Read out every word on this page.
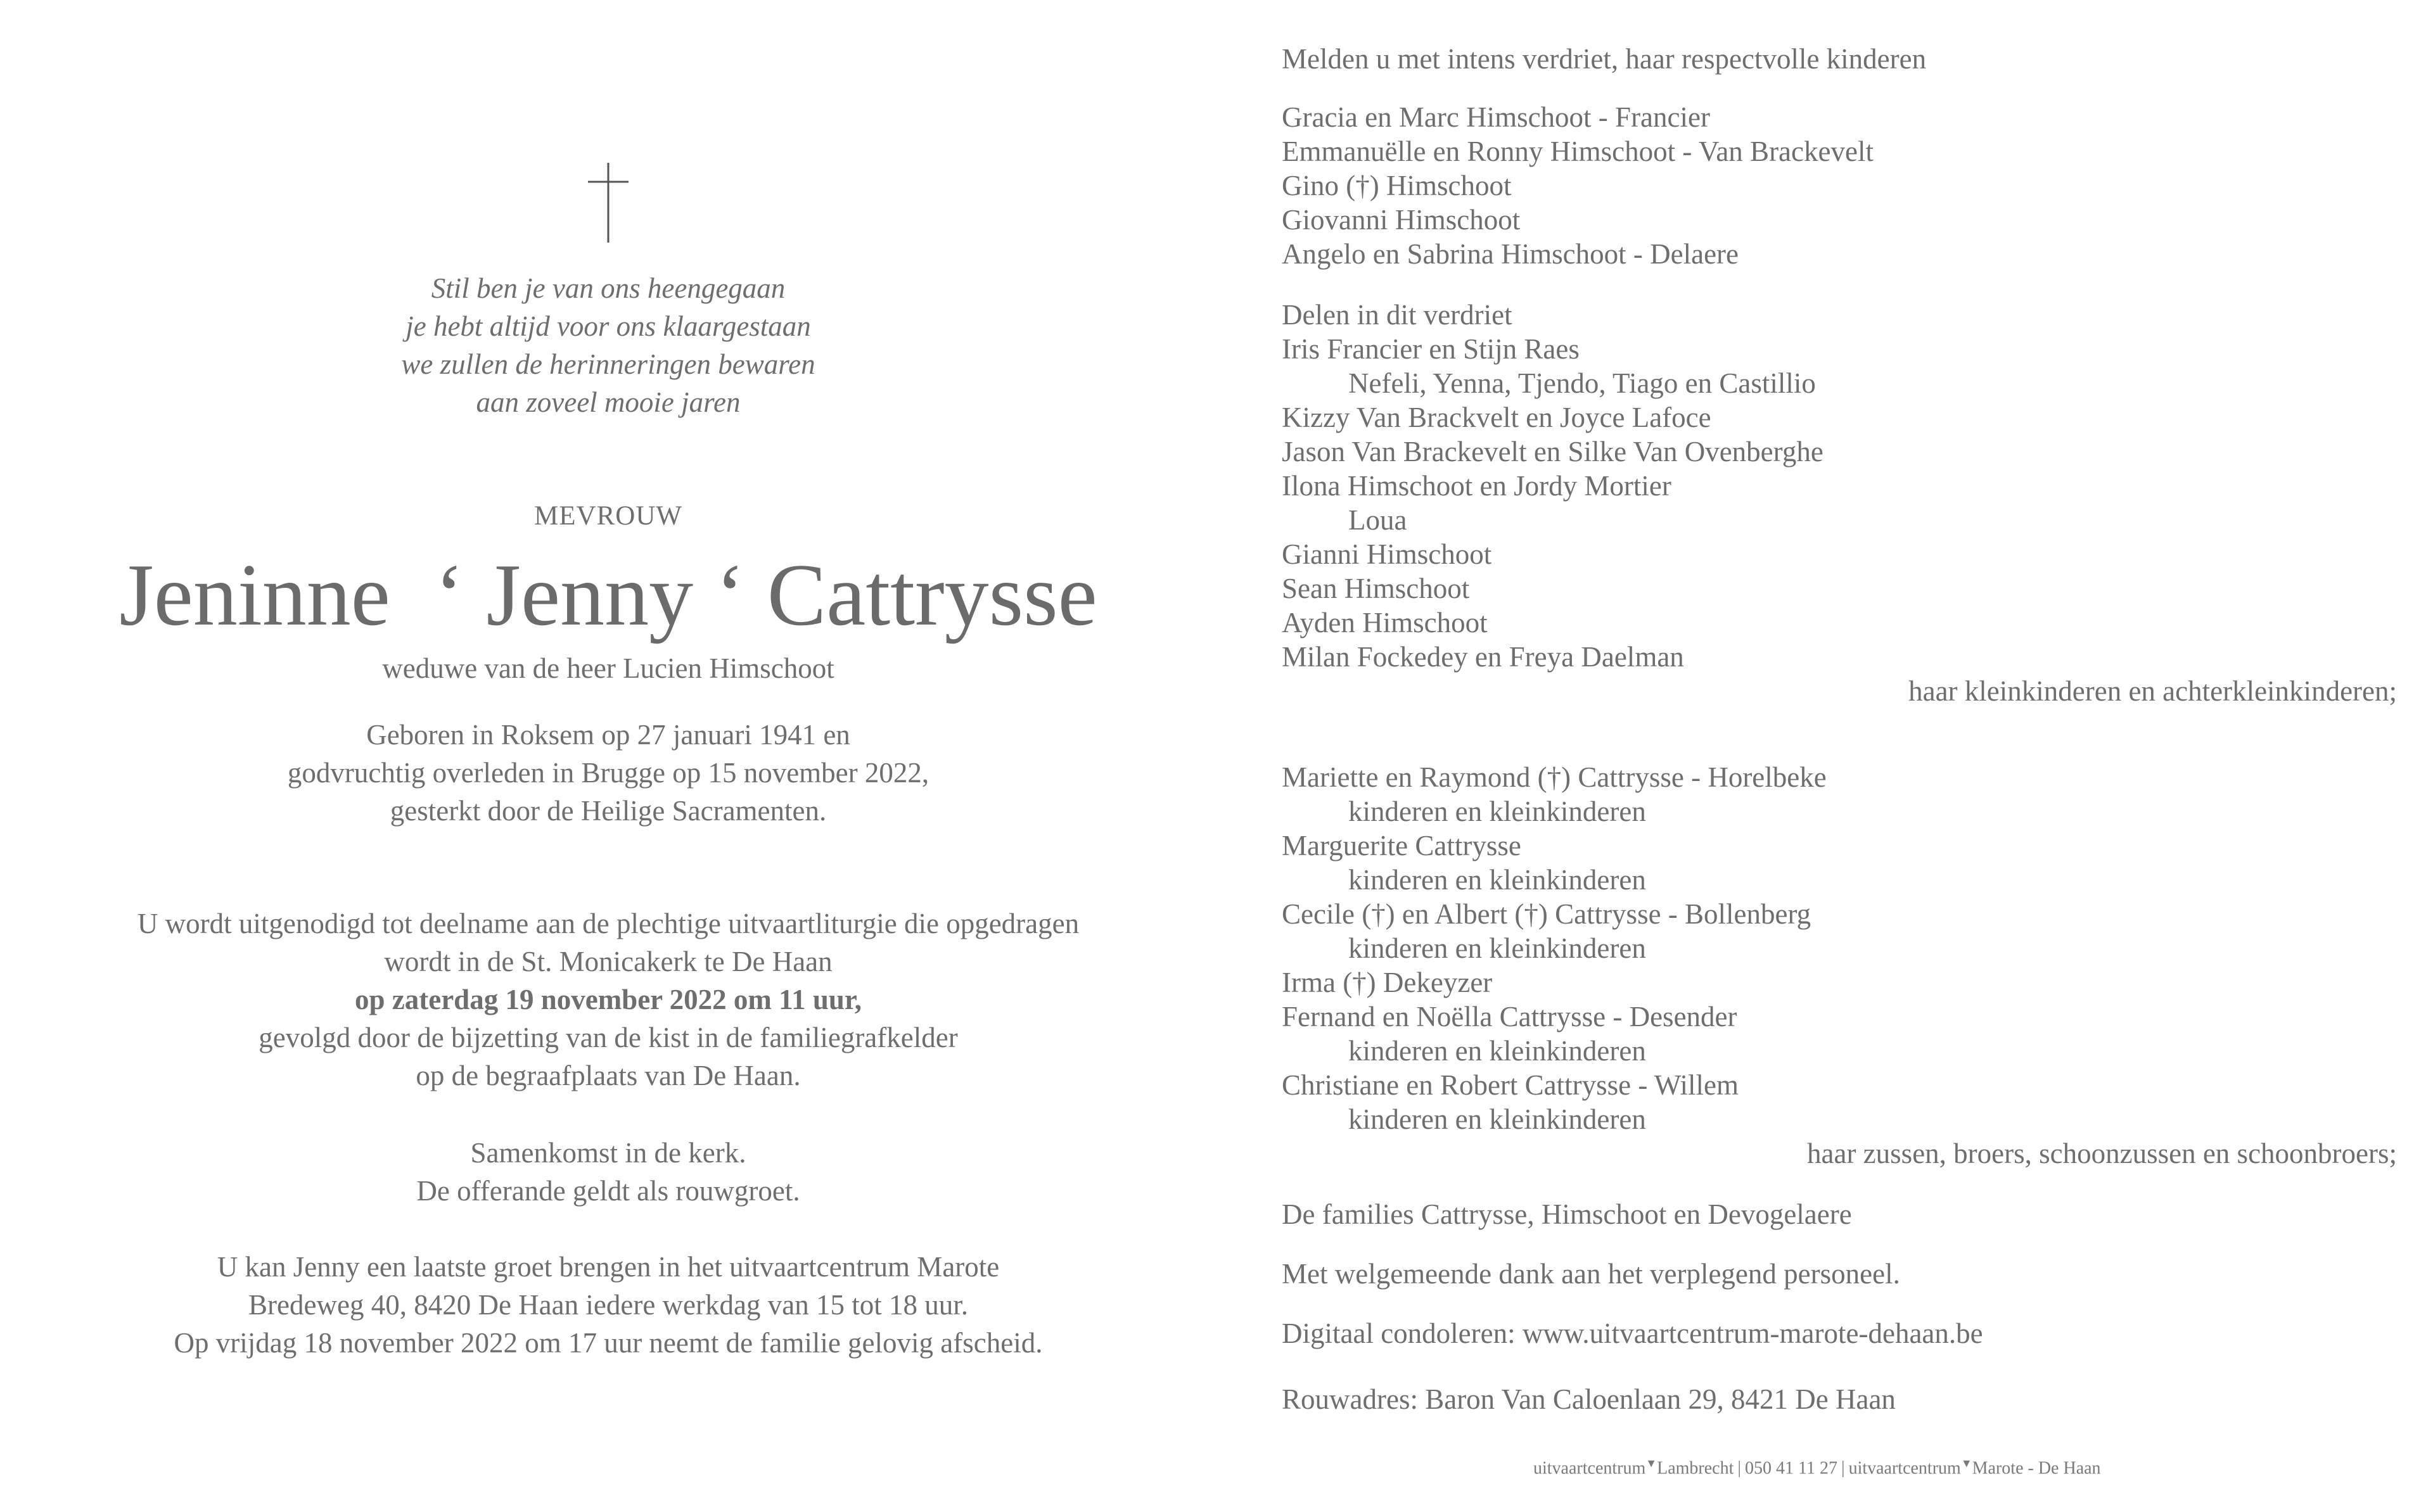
Stil ben je van ons heengegaan
je hebt altijd voor ons klaargestaan
we zullen de herinneringen bewaren
aan zoveel mooie jaren
MEVROUW
Jeninne  ‘ Jenny ‘ Cattrysse
weduwe van de heer Lucien Himschoot
Geboren in Roksem op 27 januari 1941 en
godvruchtig overleden in Brugge op 15 november 2022,
gesterkt door de Heilige Sacramenten.
U wordt uitgenodigd tot deelname aan de plechtige uitvaartliturgie die opgedragen
wordt in de St. Monicakerk te De Haan
op zaterdag 19 november 2022 om 11 uur,
gevolgd door de bijzetting van de kist in de familiegrafkelder
op de begraafplaats van De Haan.
Samenkomst in de kerk.
De offerande geldt als rouwgroet.
U kan Jenny een laatste groet brengen in het uitvaartcentrum Marote
Bredeweg 40, 8420 De Haan iedere werkdag van 15 tot 18 uur.
Op vrijdag 18 november 2022 om 17 uur neemt de familie gelovig afscheid.
Melden u met intens verdriet, haar respectvolle kinderen
Gracia en Marc Himschoot - Francier
Emmanuëlle en Ronny Himschoot - Van Brackevelt
Gino (†) Himschoot
Giovanni Himschoot
Angelo en Sabrina Himschoot - Delaere
Delen in dit verdriet
Iris Francier en Stijn Raes
Nefeli, Yenna, Tjendo, Tiago en Castillio
Kizzy Van Brackvelt en Joyce Lafoce
Jason Van Brackevelt en Silke Van Ovenberghe
Ilona Himschoot en Jordy Mortier
Loua
Gianni Himschoot
Sean Himschoot
Ayden Himschoot
Milan Fockedey en Freya Daelman
haar kleinkinderen en achterkleinkinderen;
Mariette en Raymond (†) Cattrysse - Horelbeke
kinderen en kleinkinderen
Marguerite Cattrysse
kinderen en kleinkinderen
Cecile (†) en Albert (†) Cattrysse - Bollenberg
kinderen en kleinkinderen
Irma (†) Dekeyzer
Fernand en Noëlla Cattrysse - Desender
kinderen en kleinkinderen
Christiane en Robert Cattrysse - Willem
kinderen en kleinkinderen
haar zussen, broers, schoonzussen en schoonbroers;
De families Cattrysse, Himschoot en Devogelaere
Met welgemeende dank aan het verplegend personeel.
Digitaal condoleren: www.uitvaartcentrum-marote-dehaan.be
Rouwadres: Baron Van Caloenlaan 29, 8421 De Haan
uitvaartcentrum▼Lambrecht | 050 41 11 27 | uitvaartcentrum▼Marote - De Haan
